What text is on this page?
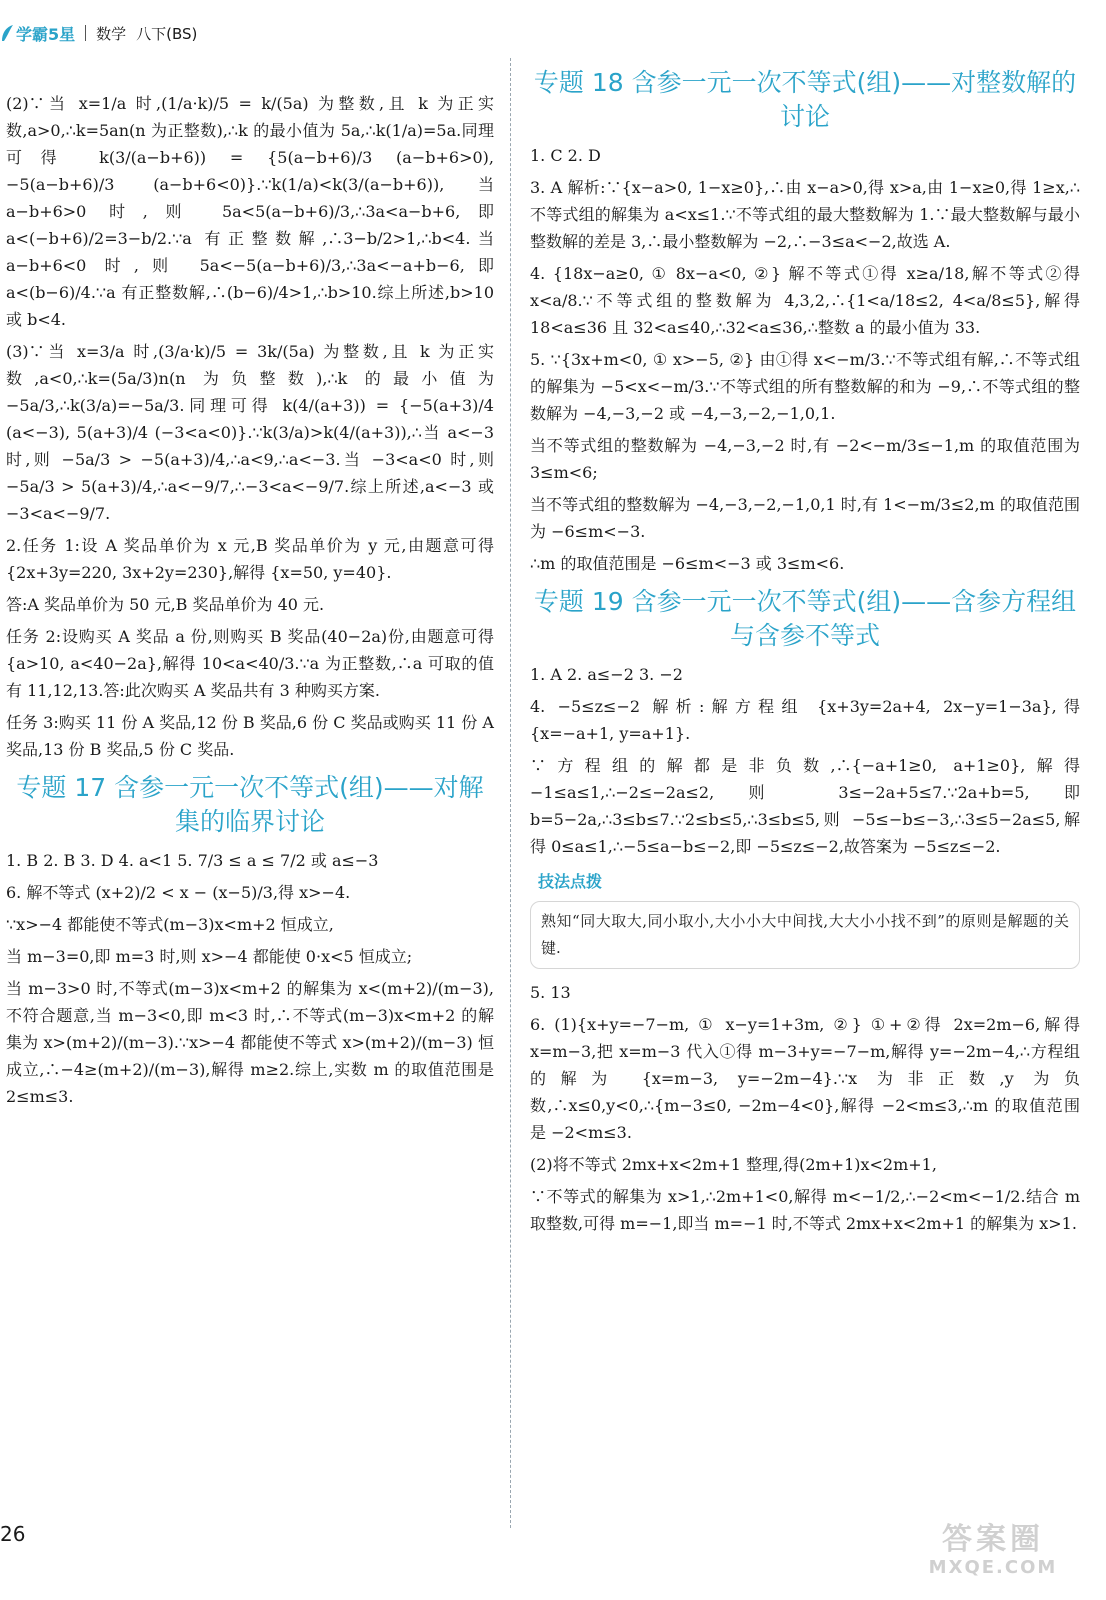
学霸5星 数学 八下(BS)

(2)∵当 x=1/a 时,(1/a·k)/5 = k/(5a) 为整数,且 k 为正实数,a>0,∴k=5an(n 为正整数),∴k 的最小值为 5a,∴k(1/a)=5a.同理可得 k(3/(a−b+6)) = {5(a−b+6)/3 (a−b+6>0), −5(a−b+6)/3 (a−b+6<0)}.∵k(1/a)<k(3/(a−b+6)),当 a−b+6>0 时,则 5a<5(a−b+6)/3,∴3a<a−b+6,即 a<(−b+6)/2=3−b/2.∵a 有正整数解,∴3−b/2>1,∴b<4.当 a−b+6<0 时,则 5a<−5(a−b+6)/3,∴3a<−a+b−6,即 a<(b−6)/4.∵a 有正整数解,∴(b−6)/4>1,∴b>10.综上所述,b>10 或 b<4.

(3)∵当 x=3/a 时,(3/a·k)/5 = 3k/(5a) 为整数,且 k 为正实数,a<0,∴k=(5a/3)n(n 为负整数),∴k 的最小值为 −5a/3,∴k(3/a)=−5a/3.同理可得 k(4/(a+3)) = {−5(a+3)/4 (a<−3), 5(a+3)/4 (−3<a<0)}.∵k(3/a)>k(4/(a+3)),∴当 a<−3 时,则 −5a/3 > −5(a+3)/4,∴a<9,∴a<−3.当 −3<a<0 时,则 −5a/3 > 5(a+3)/4,∴a<−9/7,∴−3<a<−9/7.综上所述,a<−3 或 −3<a<−9/7.

2.任务 1:设 A 奖品单价为 x 元,B 奖品单价为 y 元,由题意可得 {2x+3y=220, 3x+2y=230},解得 {x=50, y=40}.

答:A 奖品单价为 50 元,B 奖品单价为 40 元.

任务 2:设购买 A 奖品 a 份,则购买 B 奖品(40−2a)份,由题意可得 {a>10, a<40−2a},解得 10<a<40/3.∵a 为正整数,∴a 可取的值有 11,12,13.答:此次购买 A 奖品共有 3 种购买方案.

任务 3:购买 11 份 A 奖品,12 份 B 奖品,6 份 C 奖品或购买 11 份 A 奖品,13 份 B 奖品,5 份 C 奖品.

专题 17 含参一元一次不等式(组)——对解集的临界讨论

1. B 2. B 3. D 4. a<1 5. 7/3 ≤ a ≤ 7/2 或 a≤−3

6. 解不等式 (x+2)/2 < x − (x−5)/3,得 x>−4.

∵x>−4 都能使不等式(m−3)x<m+2 恒成立,

当 m−3=0,即 m=3 时,则 x>−4 都能使 0·x<5 恒成立;

当 m−3>0 时,不等式(m−3)x<m+2 的解集为 x<(m+2)/(m−3),不符合题意,当 m−3<0,即 m<3 时,∴不等式(m−3)x<m+2 的解集为 x>(m+2)/(m−3).∵x>−4 都能使不等式 x>(m+2)/(m−3) 恒成立,∴−4≥(m+2)/(m−3),解得 m≥2.综上,实数 m 的取值范围是 2≤m≤3.

专题 18 含参一元一次不等式(组)——对整数解的讨论

1. C 2. D

3. A 解析:∵{x−a>0, 1−x≥0},∴由 x−a>0,得 x>a,由 1−x≥0,得 1≥x,∴不等式组的解集为 a<x≤1.∵不等式组的最大整数解为 1.∵最大整数解与最小整数解的差是 3,∴最小整数解为 −2,∴−3≤a<−2,故选 A.

4. {18x−a≥0, ① 8x−a<0, ②} 解不等式①得 x≥a/18,解不等式②得 x<a/8.∵不等式组的整数解为 4,3,2,∴{1<a/18≤2, 4<a/8≤5},解得 18<a≤36 且 32<a≤40,∴32<a≤36,∴整数 a 的最小值为 33.

5. ∵{3x+m<0, ① x>−5, ②} 由①得 x<−m/3.∵不等式组有解,∴不等式组的解集为 −5<x<−m/3.∵不等式组的所有整数解的和为 −9,∴不等式组的整数解为 −4,−3,−2 或 −4,−3,−2,−1,0,1.

当不等式组的整数解为 −4,−3,−2 时,有 −2<−m/3≤−1,m 的取值范围为 3≤m<6;

当不等式组的整数解为 −4,−3,−2,−1,0,1 时,有 1<−m/3≤2,m 的取值范围为 −6≤m<−3.

∴m 的取值范围是 −6≤m<−3 或 3≤m<6.

专题 19 含参一元一次不等式(组)——含参方程组与含参不等式

1. A 2. a≤−2 3. −2

4. −5≤z≤−2 解析:解方程组 {x+3y=2a+4, 2x−y=1−3a},得 {x=−a+1, y=a+1}.

∵方程组的解都是非负数,∴{−a+1≥0, a+1≥0},解得 −1≤a≤1,∴−2≤−2a≤2,则 3≤−2a+5≤7.∵2a+b=5,即 b=5−2a,∴3≤b≤7.∵2≤b≤5,∴3≤b≤5,则 −5≤−b≤−3,∴3≤5−2a≤5,解得 0≤a≤1,∴−5≤a−b≤−2,即 −5≤z≤−2,故答案为 −5≤z≤−2.

技法点拨
熟知“同大取大,同小取小,大小小大中间找,大大小小找不到”的原则是解题的关键.

5. 13

6. (1){x+y=−7−m, ① x−y=1+3m, ②} ①+②得 2x=2m−6,解得 x=m−3,把 x=m−3 代入①得 m−3+y=−7−m,解得 y=−2m−4,∴方程组的解为 {x=m−3, y=−2m−4}.∵x 为非正数,y 为负数,∴x≤0,y<0,∴{m−3≤0, −2m−4<0},解得 −2<m≤3,∴m 的取值范围是 −2<m≤3.

(2)将不等式 2mx+x<2m+1 整理,得(2m+1)x<2m+1,

∵不等式的解集为 x>1,∴2m+1<0,解得 m<−1/2,∴−2<m<−1/2.结合 m 取整数,可得 m=−1,即当 m=−1 时,不等式 2mx+x<2m+1 的解集为 x>1.

26	答案圈
MXQE.COM
